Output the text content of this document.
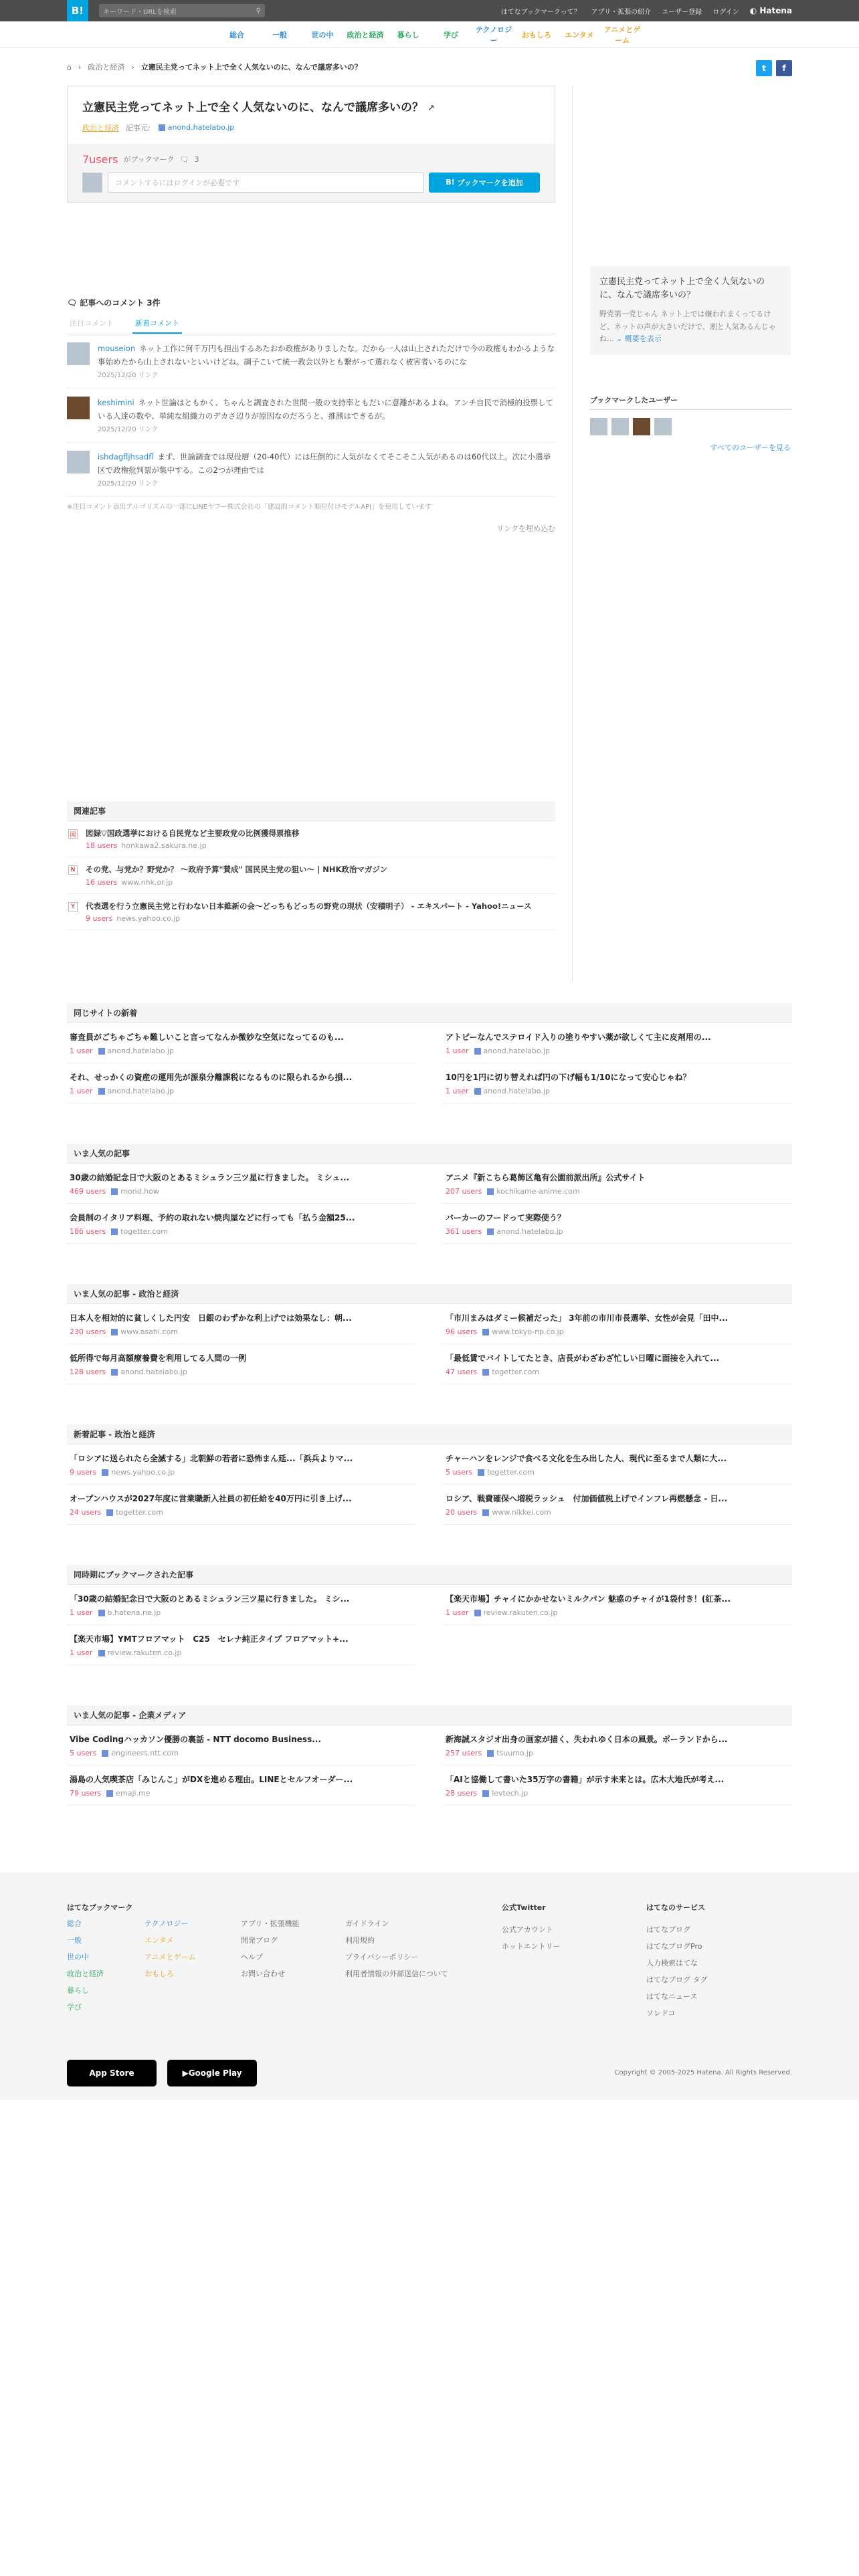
B!	キーワード・URLを検索	⚲	はてなブックマークって？ アプリ・拡張の紹介 ユーザー登録 ログイン ◐ Hatena
総合	一般	世の中	政治と経済	暮らし	学び
テクノロジー
おもしろ	エンタメ
アニメとゲーム
⌂ › 政治と経済 › 立憲民主党ってネット上で全く人気ないのに、なんで議席多いの？	t	f
立憲民主党ってネット上で全く人気ないのに、なんで議席多いの？ ↗
政治と経済 記事元:	anond.hatelabo.jp
7users がブックマーク 🗨 3
コメントするにはログインが必要です	B! ブックマークを追加
立憲民主党ってネット上で全く人気ないのに、なんで議席多いの？

野党第一党じゃん ネット上では嫌われまくってるけど、ネットの声が大きいだけで、割と人気あるんじゃね... ⌄ 概要を表示

ブックマークしたユーザー
すべてのユーザーを見る
🗨 記事へのコメント 3件
注目コメント	新着コメント
mouseion ネット工作に何千万円も担出するあたおか政権がありましたな。だから一人は山上されただけで今の政権もわかるような事始めたから山上されないといいけどね。調子こいて統一教会以外とも繋がって選れなく被害者いるのにな
2025/12/20 リンク
keshimini ネット世論はともかく、ちゃんと調査された世間一般の支持率ともだいに意離があるよね。アンチ自民で消極的投票している人達の数や、単純な組織力のデカさ辺りが原因なのだろうと、推測はできるが。
2025/12/20 リンク
ishdagfljhsadfl まず、世論調査では現役層（20-40代）には圧倒的に人気がなくてそこそこ人気があるのは60代以上。次に小選挙区で政権批判票が集中する。この2つが理由では
2025/12/20 リンク
※注目コメント表出アルゴリズムの一部にLINEヤフー株式会社の「建設的コメント順位付けモデルAPI」を使用しています
リンクを埋め込む
関連記事
図 図録▽国政選挙における自民党など主要政党の比例獲得票推移
18 users honkawa2.sakura.ne.jp
N	その党、与党か？野党か？ 〜政府予算"賛成" 国民民主党の狙い〜 | NHK政治マガジン
16 users www.nhk.or.jp
Y	代表選を行う立憲民主党と行わない日本維新の会〜どっちもどっちの野党の現状（安積明子） - エキスパート - Yahoo!ニュース
9 users news.yahoo.co.jp
同じサイトの新着
審査員がごちゃごちゃ難しいこと言ってなんか微妙な空気になってるのも...
1 user anond.hatelabo.jp
アトピーなんでステロイド入りの塗りやすい薬が欲しくて主に皮剤用の...
1 user anond.hatelabo.jp
それ、せっかくの資産の運用先が源泉分離課税になるものに限られるから損...
1 user anond.hatelabo.jp
10円を1円に切り替えれば円の下げ幅も1/10になって安心じゃね？
1 user anond.hatelabo.jp
いま人気の記事
30歳の結婚記念日で大阪のとあるミシュラン三ツ星に行きました。 ミシュ...
469 users mond.how
アニメ『新こちら葛飾区亀有公園前派出所』公式サイト
207 users kochikame-anime.com
会員制のイタリア料理、予約の取れない焼肉屋などに行っても「払う金額25...
186 users togetter.com
バーカーのフードって実際使う？
361 users anond.hatelabo.jp
いま人気の記事 - 政治と経済
日本人を相対的に貧しくした円安　日銀のわずかな利上げでは効果なし：朝...
230 users www.asahi.com
「市川まみはダミー候補だった」 3年前の市川市長選挙、女性が会見「田中...
96 users www.tokyo-np.co.jp
低所得で毎月高額療養費を利用してる人間の一例
128 users anond.hatelabo.jp
「最低賃でバイトしてたとき、店長がわざわざ忙しい日曜に面接を入れて...
47 users togetter.com
新着記事 - 政治と経済
「ロシアに送られたら全滅する」北朝鮮の若者に恐怖まん延...「浜兵よりマ...
9 users news.yahoo.co.jp
チャーハンをレンジで食べる文化を生み出した人、現代に至るまで人類に大...
5 users togetter.com
オープンハウスが2027年度に営業職新入社員の初任給を40万円に引き上げ...
24 users togetter.com
ロシア、戦費確保へ増税ラッシュ　付加価値税上げでインフレ再燃懸念 - 日...
20 users www.nikkei.com
同時期にブックマークされた記事
「30歳の結婚記念日で大阪のとあるミシュラン三ツ星に行きました。 ミシ...
1 user b.hatena.ne.jp
【楽天市場】チャイにかかせないミルクパン 魅惑のチャイが1袋付き！(紅茶...
1 user review.rakuten.co.jp
【楽天市場】YMTフロアマット　C25　セレナ純正タイプ フロアマット+...
1 user review.rakuten.co.jp
いま人気の記事 - 企業メディア
Vibe Codingハッカソン優勝の裏話 - NTT docomo Business...
5 users engineers.ntt.com
新海誠スタジオ出身の画家が描く、失われゆく日本の風景。ポーランドから...
257 users tsuumo.jp
湯島の人気喫茶店「みじんこ」がDXを進める理由。LINEとセルフオーダー...
79 users emaji.me
「AIと協働して書いた35万字の書籍」が示す未来とは。広木大地氏が考え...
28 users levtech.jp
はてなブックマーク
総合
一般
世の中
政治と経済
暮らし
学び
テクノロジー
エンタメ
アニメとゲーム
おもしろ
アプリ・拡張機能
開発ブログ
ヘルプ
お問い合わせ
ガイドライン
利用規約
プライバシーポリシー
利用者情報の外部送信について
公式Twitter
公式アカウント
ホットエントリー
はてなのサービス
はてなブログ
はてなブログPro
人力検索はてな
はてなブログ タグ
はてなニュース
ソレドコ
App Store	▶ Google Play	Copyright © 2005-2025 Hatena. All Rights Reserved.
